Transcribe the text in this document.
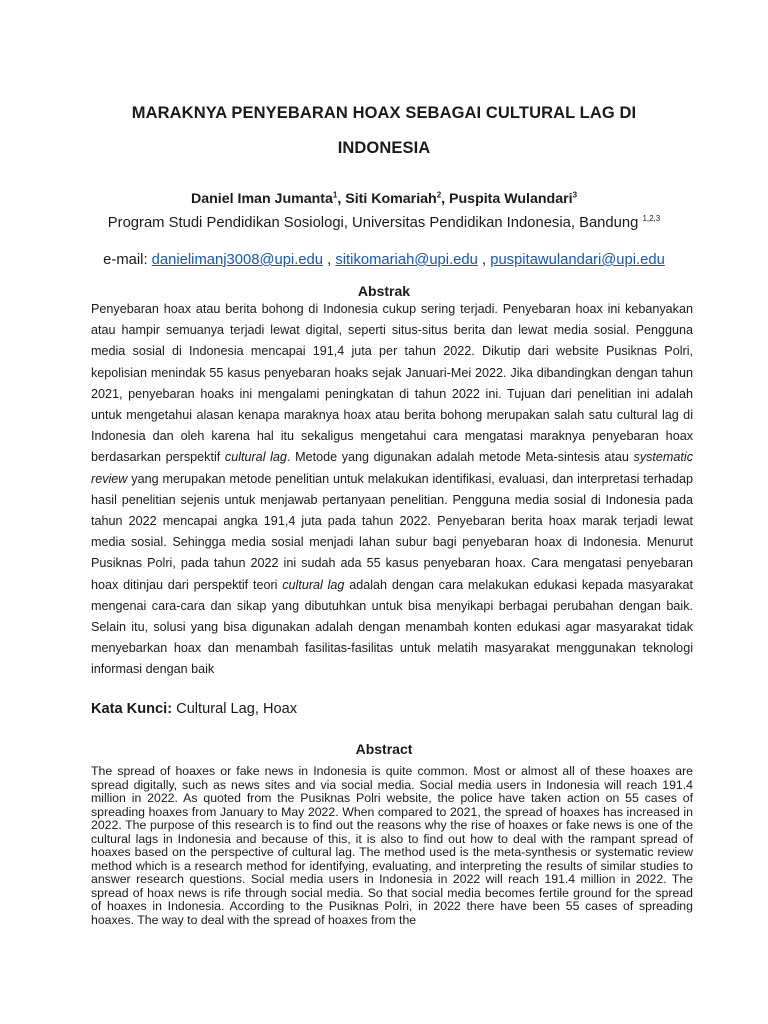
MARAKNYA PENYEBARAN HOAX SEBAGAI CULTURAL LAG DI
INDONESIA
Daniel Iman Jumanta$^1$, Siti Komariah$^2$, Puspita Wulandari$^3$
Program Studi Pendidikan Sosiologi, Universitas Pendidikan Indonesia, Bandung $^{1,2,3}$
e-mail: danielimanj3008@upi.edu , sitikomariah@upi.edu , puspitawulandari@upi.edu
Abstrak
Penyebaran hoax atau berita bohong di Indonesia cukup sering terjadi. Penyebaran hoax ini kebanyakan atau hampir semuanya terjadi lewat digital, seperti situs-situs berita dan lewat media sosial. Pengguna media sosial di Indonesia mencapai 191,4 juta per tahun 2022. Dikutip dari website Pusiknas Polri, kepolisian menindak 55 kasus penyebaran hoaks sejak Januari-Mei 2022. Jika dibandingkan dengan tahun 2021, penyebaran hoaks ini mengalami peningkatan di tahun 2022 ini. Tujuan dari penelitian ini adalah untuk mengetahui alasan kenapa maraknya hoax atau berita bohong merupakan salah satu cultural lag di Indonesia dan oleh karena hal itu sekaligus mengetahui cara mengatasi maraknya penyebaran hoax berdasarkan perspektif cultural lag. Metode yang digunakan adalah metode Meta-sintesis atau systematic review yang merupakan metode penelitian untuk melakukan identifikasi, evaluasi, dan interpretasi terhadap hasil penelitian sejenis untuk menjawab pertanyaan penelitian. Pengguna media sosial di Indonesia pada tahun 2022 mencapai angka 191,4 juta pada tahun 2022. Penyebaran berita hoax marak terjadi lewat media sosial. Sehingga media sosial menjadi lahan subur bagi penyebaran hoax di Indonesia. Menurut Pusiknas Polri, pada tahun 2022 ini sudah ada 55 kasus penyebaran hoax. Cara mengatasi penyebaran hoax ditinjau dari perspektif teori cultural lag adalah dengan cara melakukan edukasi kepada masyarakat mengenai cara-cara dan sikap yang dibutuhkan untuk bisa menyikapi berbagai perubahan dengan baik. Selain itu, solusi yang bisa digunakan adalah dengan menambah konten edukasi agar masyarakat tidak menyebarkan hoax dan menambah fasilitas-fasilitas untuk melatih masyarakat menggunakan teknologi informasi dengan baik
Kata Kunci: Cultural Lag, Hoax
Abstract
The spread of hoaxes or fake news in Indonesia is quite common. Most or almost all of these hoaxes are spread digitally, such as news sites and via social media. Social media users in Indonesia will reach 191.4 million in 2022. As quoted from the Pusiknas Polri website, the police have taken action on 55 cases of spreading hoaxes from January to May 2022. When compared to 2021, the spread of hoaxes has increased in 2022. The purpose of this research is to find out the reasons why the rise of hoaxes or fake news is one of the cultural lags in Indonesia and because of this, it is also to find out how to deal with the rampant spread of hoaxes based on the perspective of cultural lag. The method used is the meta-synthesis or systematic review method which is a research method for identifying, evaluating, and interpreting the results of similar studies to answer research questions. Social media users in Indonesia in 2022 will reach 191.4 million in 2022. The spread of hoax news is rife through social media. So that social media becomes fertile ground for the spread of hoaxes in Indonesia. According to the Pusiknas Polri, in 2022 there have been 55 cases of spreading hoaxes. The way to deal with the spread of hoaxes from the
